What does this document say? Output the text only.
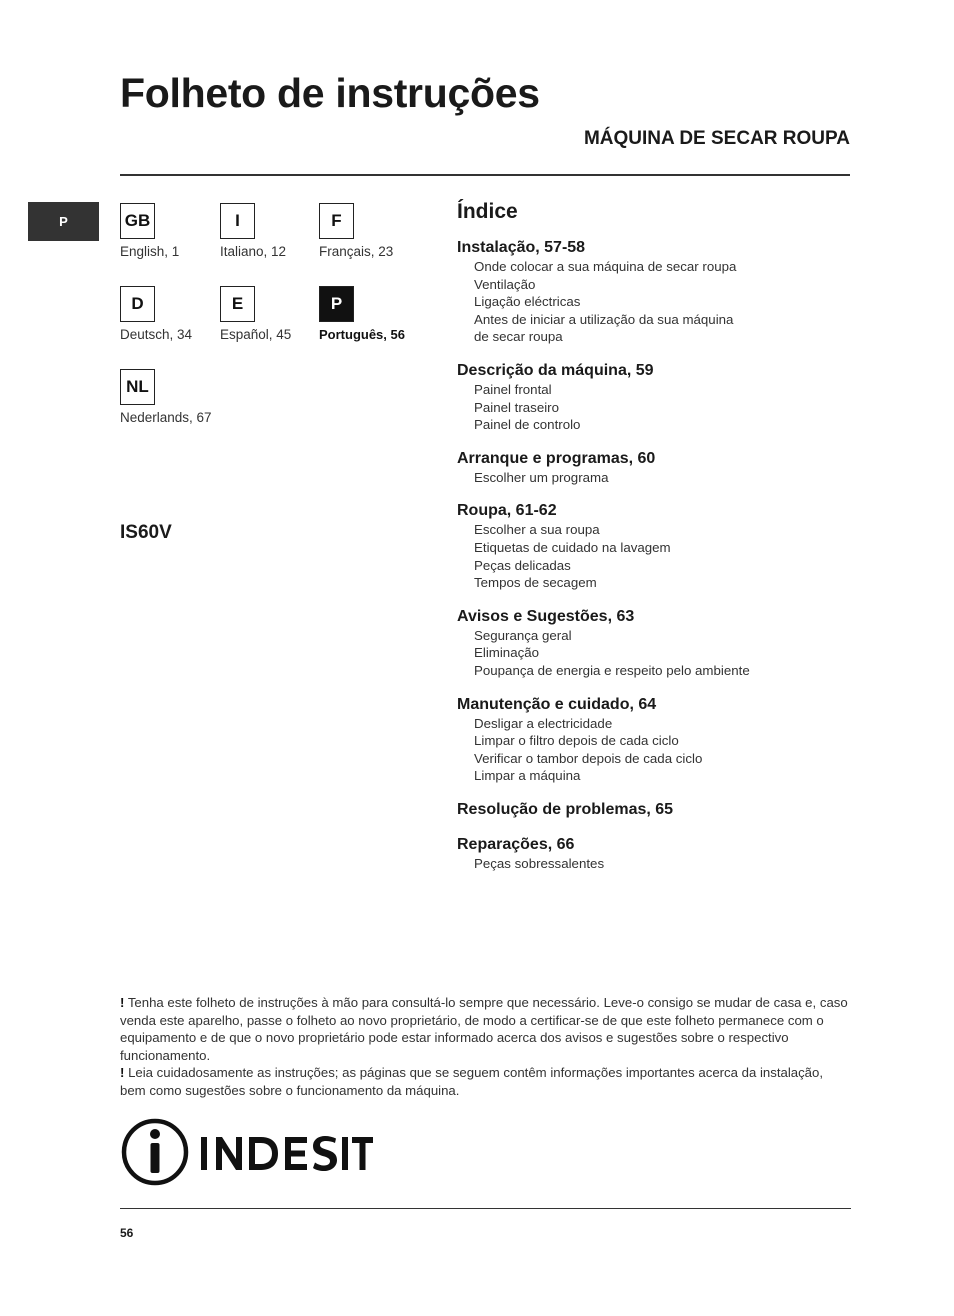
Folheto de instruções
MÁQUINA DE SECAR ROUPA
P	GB
English, 1
I
Italiano, 12
F
Français, 23
D
Deutsch, 34
E
Español, 45
P
Português, 56
NL
Nederlands, 67
IS60V
Índice
Instalação, 57-58
Onde colocar a sua máquina de secar roupa
Ventilação
Ligação eléctricas
Antes de iniciar a utilização da sua máquina
de secar roupa
Descrição da máquina, 59
Painel frontal
Painel traseiro
Painel de controlo
Arranque e programas, 60
Escolher um programa
Roupa, 61-62
Escolher a sua roupa
Etiquetas de cuidado na lavagem
Peças delicadas
Tempos de secagem
Avisos e Sugestões, 63
Segurança geral
Eliminação
Poupança de energia e respeito pelo ambiente
Manutenção e cuidado, 64
Desligar a electricidade
Limpar o filtro depois de cada ciclo
Verificar o tambor depois de cada ciclo
Limpar a máquina
Resolução de problemas, 65
Reparações, 66
Peças sobressalentes

! Tenha este folheto de instruções à mão para consultá-lo sempre que necessário. Leve-o consigo se mudar de casa e, caso venda este aparelho, passe o folheto ao novo proprietário, de modo a certificar-se de que este folheto permanece com o equipamento e de que o novo proprietário pode estar informado acerca dos avisos e sugestões sobre o respectivo funcionamento.

! Leia cuidadosamente as instruções; as páginas que se seguem contêm informações importantes acerca da instalação, bem como sugestões sobre o funcionamento da máquina.

56
